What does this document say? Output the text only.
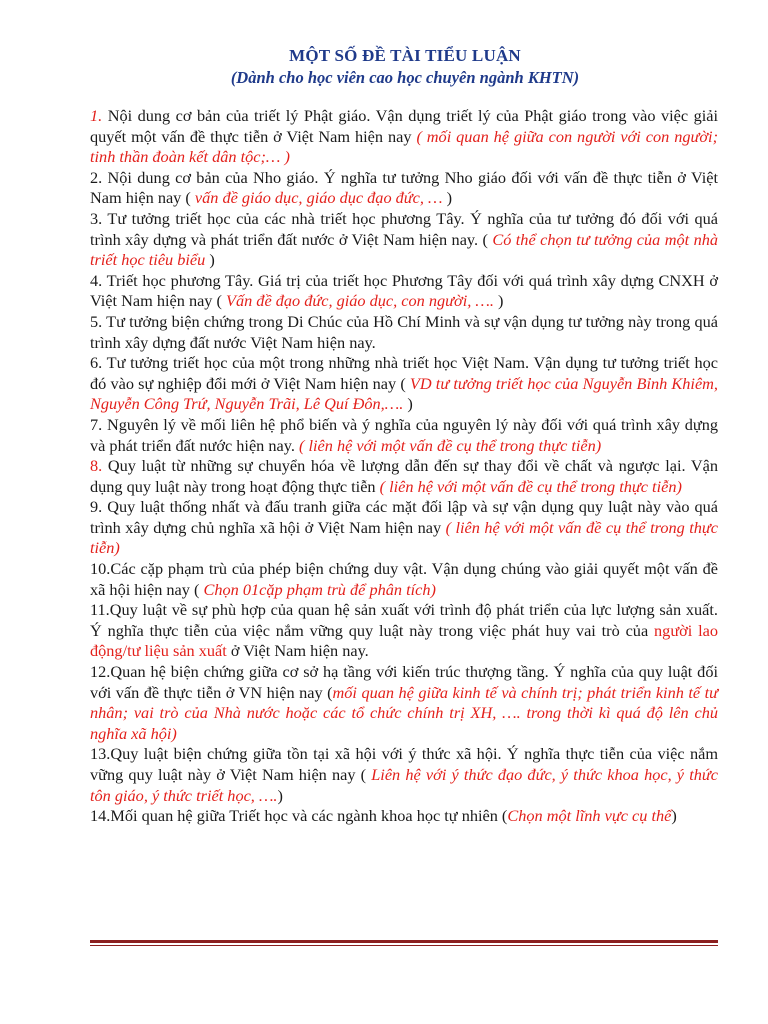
MỘT SỐ ĐỀ TÀI TIỂU LUẬN
(Dành cho học viên cao học chuyên ngành KHTN)

1. Nội dung cơ bản của triết lý Phật giáo. Vận dụng triết lý của Phật giáo trong vào việc giải quyết một vấn đề thực tiễn ở Việt Nam hiện nay ( mối quan hệ giữa con người với con người; tinh thần đoàn kết dân tộc;… )

2. Nội dung cơ bản của Nho giáo. Ý nghĩa tư tưởng Nho giáo đối với vấn đề thực tiễn ở Việt Nam hiện nay ( vấn đề giáo dục, giáo dục đạo đức, … )

3. Tư tưởng triết học của các nhà triết học phương Tây. Ý nghĩa của tư tưởng đó đối với quá trình xây dựng và phát triển đất nước ở Việt Nam hiện nay. ( Có thể chọn tư tưởng của một nhà triết học tiêu biểu )

4. Triết học phương Tây. Giá trị của triết học Phương Tây đối với quá trình xây dựng CNXH ở Việt Nam hiện nay ( Vấn đề đạo đức, giáo dục, con người, …. )

5. Tư tưởng biện chứng trong Di Chúc của Hồ Chí Minh và sự vận dụng tư tưởng này trong quá trình xây dựng đất nước Việt Nam hiện nay.

6. Tư tưởng triết học của một trong những nhà triết học Việt Nam. Vận dụng tư tưởng triết học đó vào sự nghiệp đổi mới ở Việt Nam hiện nay ( VD tư tưởng triết học của Nguyễn Bỉnh Khiêm, Nguyễn Công Trứ, Nguyễn Trãi, Lê Quí Đôn,…. )

7. Nguyên lý về mối liên hệ phổ biến và ý nghĩa của nguyên lý này đối với quá trình xây dựng và phát triển đất nước hiện nay. ( liên hệ với một vấn đề cụ thể trong thực tiễn)

8. Quy luật từ những sự chuyển hóa về lượng dẫn đến sự thay đổi về chất và ngược lại. Vận dụng quy luật này trong hoạt động thực tiễn ( liên hệ với một vấn đề cụ thể trong thực tiễn)

9. Quy luật thống nhất và đấu tranh giữa các mặt đối lập và sự vận dụng quy luật này vào quá trình xây dựng chủ nghĩa xã hội ở Việt Nam hiện nay ( liên hệ với một vấn đề cụ thể trong thực tiễn)

10.Các cặp phạm trù của phép biện chứng duy vật. Vận dụng chúng vào giải quyết một vấn đề xã hội hiện nay ( Chọn 01cặp phạm trù để phân tích)

11.Quy luật về sự phù hợp của quan hệ sản xuất với trình độ phát triển của lực lượng sản xuất. Ý nghĩa thực tiễn của việc nắm vững quy luật này trong việc phát huy vai trò của người lao động/tư liệu sản xuất ở Việt Nam hiện nay.

12.Quan hệ biện chứng giữa cơ sở hạ tầng với kiến trúc thượng tầng. Ý nghĩa của quy luật đối với vấn đề thực tiễn ở VN hiện nay (mối quan hệ giữa kinh tế và chính trị; phát triển kinh tế tư nhân; vai trò của Nhà nước hoặc các tổ chức chính trị XH, …. trong thời kì quá độ lên chủ nghĩa xã hội)

13.Quy luật biện chứng giữa tồn tại xã hội với ý thức xã hội. Ý nghĩa thực tiễn của việc nắm vững quy luật này ở Việt Nam hiện nay ( Liên hệ với ý thức đạo đức, ý thức khoa học, ý thức tôn giáo, ý thức triết học, ….)

14.Mối quan hệ giữa Triết học và các ngành khoa học tự nhiên (Chọn một lĩnh vực cụ thể)
